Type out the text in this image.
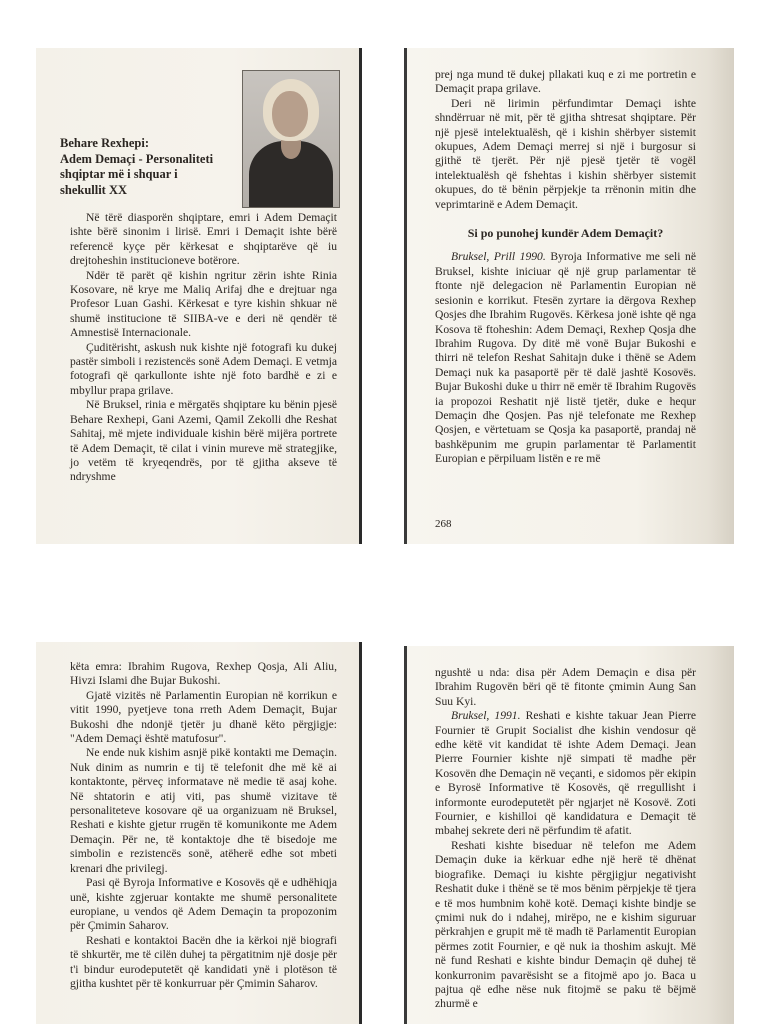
Behare Rexhepi:
Adem Demaçi - Personaliteti
shqiptar më i shquar i
shekullit XX

Në tërë diasporën shqiptare, emri i Adem Demaçit ishte bërë sinonim i lirisë. Emri i Demaçit ishte bërë referencë kyçe për kërkesat e shqiptarëve që iu drejtoheshin institucioneve botërore.

Ndër të parët që kishin ngritur zërin ishte Rinia Kosovare, në krye me Maliq Arifaj dhe e drejtuar nga Profesor Luan Gashi. Kërkesat e tyre kishin shkuar në shumë institucione të SIIBA-ve e deri në qendër të Amnestisë Internacionale.

Çuditërisht, askush nuk kishte një fotografi ku dukej pastër simboli i rezistencës sonë Adem Demaçi. E vetmja fotografi që qarkullonte ishte një foto bardhë e zi e mbyllur prapa grilave.

Në Bruksel, rinia e mërgatës shqiptare ku bënin pjesë Behare Rexhepi, Gani Azemi, Qamil Zekolli dhe Reshat Sahitaj, më mjete individuale kishin bërë mijëra portrete të Adem Demaçit, të cilat i vinin mureve më strategjike, jo vetëm të kryeqendrës, por të gjitha akseve të ndryshme

prej nga mund të dukej pllakati kuq e zi me portretin e Demaçit prapa grilave.

Deri në lirimin përfundimtar Demaçi ishte shndërruar në mit, për të gjitha shtresat shqiptare. Për një pjesë intelektualësh, që i kishin shërbyer sistemit okupues, Adem Demaçi merrej si një i burgosur si gjithë të tjerët. Për një pjesë tjetër të vogël intelektualësh që fshehtas i kishin shërbyer sistemit okupues, do të bënin përpjekje ta rrënonin mitin dhe veprimtarinë e Adem Demaçit.

Si po punohej kundër Adem Demaçit?

Bruksel, Prill 1990. Byroja Informative me seli në Bruksel, kishte iniciuar që një grup parlamentar të ftonte një delegacion në Parlamentin Europian në sesionin e korrikut. Ftesën zyrtare ia dërgova Rexhep Qosjes dhe Ibrahim Rugovës. Kërkesa jonë ishte që nga Kosova të ftoheshin: Adem Demaçi, Rexhep Qosja dhe Ibrahim Rugova. Dy ditë më vonë Bujar Bukoshi e thirri në telefon Reshat Sahitajn duke i thënë se Adem Demaçi nuk ka pasaportë për të dalë jashtë Kosovës. Bujar Bukoshi duke u thirr në emër të Ibrahim Rugovës ia propozoi Reshatit një listë tjetër, duke e hequr Demaçin dhe Qosjen. Pas një telefonate me Rexhep Qosjen, e vërtetuam se Qosja ka pasaportë, prandaj në bashkëpunim me grupin parlamentar të Parlamentit Europian e përpiluam listën e re më

268

këta emra: Ibrahim Rugova, Rexhep Qosja, Ali Aliu, Hivzi Islami dhe Bujar Bukoshi.

Gjatë vizitës në Parlamentin Europian në korrikun e vitit 1990, pyetjeve tona rreth Adem Demaçit, Bujar Bukoshi dhe ndonjë tjetër ju dhanë këto përgjigje: "Adem Demaçi është matufosur".

Ne ende nuk kishim asnjë pikë kontakti me Demaçin. Nuk dinim as numrin e tij të telefonit dhe më kë ai kontaktonte, përveç informatave në medie të asaj kohe. Në shtatorin e atij viti, pas shumë vizitave të personaliteteve kosovare që ua organizuam në Bruksel, Reshati e kishte gjetur rrugën të komunikonte me Adem Demaçin. Për ne, të kontaktoje dhe të bisedoje me simbolin e rezistencës sonë, atëherë edhe sot mbeti krenari dhe privilegj.

Pasi që Byroja Informative e Kosovës që e udhëhiqja unë, kishte zgjeruar kontakte me shumë personalitete europiane, u vendos që Adem Demaçin ta propozonim për Çmimin Saharov.

Reshati e kontaktoi Bacën dhe ia kërkoi një biografi të shkurtër, me të cilën duhej ta përgatitnim një dosje për t'i bindur eurodeputetët që kandidati ynë i plotëson të gjitha kushtet për të konkurruar për Çmimin Saharov.

ngushtë u nda: disa për Adem Demaçin e disa për Ibrahim Rugovën bëri që të fitonte çmimin Aung San Suu Kyi.

Bruksel, 1991. Reshati e kishte takuar Jean Pierre Fournier të Grupit Socialist dhe kishin vendosur që edhe këtë vit kandidat të ishte Adem Demaçi. Jean Pierre Fournier kishte një simpati të madhe për Kosovën dhe Demaçin në veçanti, e sidomos për ekipin e Byrosë Informative të Kosovës, që rregullisht i informonte eurodeputetët për ngjarjet në Kosovë. Zoti Fournier, e kishilloi që kandidatura e Demaçit të mbahej sekrete deri në përfundim të afatit.

Reshati kishte biseduar në telefon me Adem Demaçin duke ia kërkuar edhe një herë të dhënat biografike. Demaçi iu kishte përgjigjur negativisht Reshatit duke i thënë se të mos bënim përpjekje të tjera e të mos humbnim kohë kotë. Demaçi kishte bindje se çmimi nuk do i ndahej, mirëpo, ne e kishim siguruar përkrahjen e grupit më të madh të Parlamentit Europian përmes zotit Fournier, e që nuk ia thoshim askujt. Më në fund Reshati e kishte bindur Demaçin që duhej të konkurronim pavarësisht se a fitojmë apo jo. Baca u pajtua që edhe nëse nuk fitojmë se paku të bëjmë zhurmë e
